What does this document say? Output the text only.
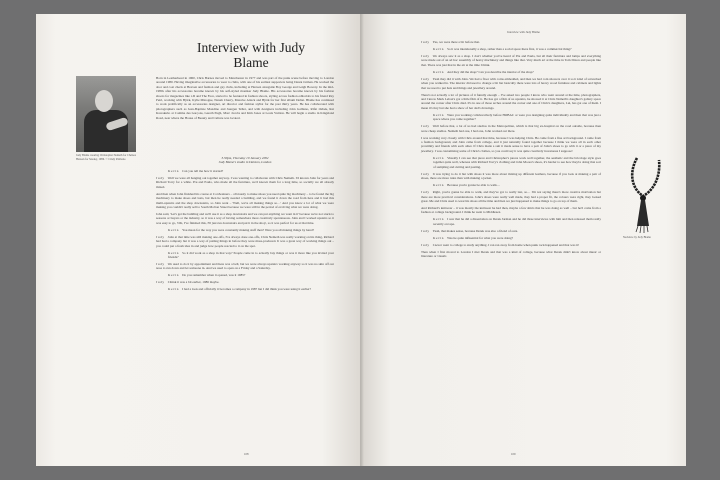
Interview with Judy Blame
Judy Blame wearing Christopher Nemeth for Chelsea Hansen for Sneaky, 1986. © Cindy Palmano
Born in Leatherhead in 1960, Chris Barnes moved to Manchester in 1977 and was part of the punk scene before moving to London around 1980. Having imaginative accessories to wear to clubs, with one of his earliest supporters being Derek Jarman. He worked the door and coat check at Heaven and fashion and gay clubs, including at Heaven alongside Boy George and Leigh Bowery. In the mid-1980s after his accessories became known by his self-styled moniker Judy Blame. His accessories became known by his fashion shoots for magazines like i-D and The Face, started to be featured in fashion shoots, styling across fashion editorials to his friend Ray Petri, working with Björk, Kylie Minogue, Neneh Cherry, Massive Attack and Björk for her first album Debut. Blame has continued to work prolifically as an accessories designer, art director and fashion stylist for the past thirty years. He has collaborated with photographers such as Jean-Baptiste Mondino and Juergen Teller, and with designers including John Galliano, Rifat Ozbek, Rei Kawakubo at Comme des Garçons, Gareth Pugh, Marc Jacobs and Kim Jones at Louis Vuitton. He will begin a studio in Kingsland Road, near where the House of Beauty and Culture was located.
3.30pm, Thursday 10 January 2002
Judy Blame's studio in Dalston, London

Kevin Can you tell me how it started?

Judy Well we were all hanging out together anyway. I was wanting to collaborate with Chris Nemeth. I'd known John for years and Richard Torry for a while. Pru and Paula, who made all the furniture, we'd known them for a long time, so socially we all already mixed.

And then when John finished his course at Cordwainers – obviously to make shoes you need quite big machinery – to be found the big machinery to make shoes and lasts, but then he really needed a building, and we found it down the road from here and it had this multi-upstairs and the shop downstairs, so John went – 'Well, we're all making things so…' And you know a lot of what we were making you couldn't really sell to South Molton Street because we were still in the period of evolving what we were doing.

John said, 'Let's get the building and we'll use it as a shop downstairs and we can put anything we want in it' because we're not stuck to seasons or buyers or the industry, so it was a way of having somewhere more creatively spontaneous. John and I worked upstairs so it was easy to go, 'OK, I've finished this, I'll just run downstairs and put it in the shop', so it was perfect for us at that time.

Kevin You mean for the way you were constantly making stuff then? Were you all making things by hand?

Judy John at that time was still making one-offs, I've always done one-offs, Chris Nemeth was really working on his thing, Richard had had a company but it was a way of putting things in before they were mass-produced. It was a great way of working things out – you could put a fresh idea in and judge how people reacted to it on the spot.

Kevin So it did work as a shop in that way? People came in to actually buy things or was it more like you invited your friends?

Judy We used to do it by appointment and there was a bell, but we were always upstairs working anyway so it was no skin off our nose to run down and let someone in. And we used to open on a Friday and a Saturday.

Kevin Do you remember when it opened, was it 1985?

Judy I think it was a bit earlier, 1986 maybe.

Kevin I had a look and officially it becomes a company in 1987 but I did think you were using it earlier?

108
Interview with Judy Blame

Judy Yes, we were there a bit before that.

Kevin So it was intentionally a shop, rather than a social space there first, it was a commercial thing?

Judy We always saw it as a shop. I don't whether you've heard of Pru and Paula, but all their furniture and lamps and everything were made out of an ad hoc assembly of heavy machinery and things like that. Very much art at the time in Tom Dixon and people like that. There was just that in the air at the time I think.

Kevin And they did the shop? Can you describe the interior of the shop?

Judy Yeah they did it with John. We had a floor with coins embedded, and then we had coin showers over it so it kind of scrunched when you walked in. The interior did used to change a bit but basically there were lots of heavy wood furniture and cabinets and lights that we used to put hats and things and jewellery around.

There's not actually a lot of pictures of it funnily enough – I've asked two people I know who went around at the time, photographers, and I know Mark Lebon's got a little film of it. He has got a film of us upstairs, he showed it at Chris Nemeth's daughter's gallery space around the corner after Chris died. It's in one of those arches around the corner and one of Chris's daughters, Lui, has got one of them. I mean it's tiny but she had a show of her dad's drawings.

Kevin Were you working collaboratively before HOBAC or were you designing quite individually and then that was just a space where you came together?

Judy Well before that, a lot of us had studios in the Metropolitan, which is that big ex-hospital on the road outside, because then were cheap studios. Nemeth had one, I had one, John worked out there.

I was working very closely with Chris around that time, because I was helping Chris. He came from a fine art background. I came from a fashion background, and John came from college, and it just naturally found together because I think we were all in each other proximity and friends with each other. If Chris made a suit it made sense to have a pair of John's shoes to go with it or a piece of my jewellery. I was customising some of Chris's clothes, so you could say it was quite creatively incestuous I suppose!

Kevin Visually I can see that piece and Christopher's pieces work well together, the aesthetic and the bricolage style goes together quite well, whereas with Richard Torry's clothing and John Moore's shoes, it's harder to see how they're doing that sort of sampling and cutting and pasting.

Judy It was trying to do it but with shoes it was more about mixing up different leathers, because if you look at making a pair of shoes, there are more rules than with making a jacket.

Kevin Because you're gonna be able to walk…

Judy Right, you're gonna be able to walk, and they've got to really last, so… I'm not saying there's more creative motivation but there are more practical considerations. John's shoes were really well made, they had a proper fit, the colours were right, they looked great. Me and Chris used to wear his shoes all the time and then we just happened to make things to go on top of them.

And Richard's knitwear – it was mostly the knitwear he had then, maybe a few shirts that he was doing as well – but he'd come from a fashion at college background. I think he went to Middlesex.

Kevin I saw that he did a dissertation on Derek Jarman and he did three interviews with him and then released them really recently on tape.

Judy Yeah, that makes sense, because Derek was also a friend of ours.

Kevin Was he quite influential for what you were doing?

Judy I never went to college to study anything. I ran ran away from home when punk rock happened and that was it!

Then when I first moved to London I met Derek and that was a kind of college, because what Derek didn't know about music or literature or visuals

Necklace by Judy Blame
109
